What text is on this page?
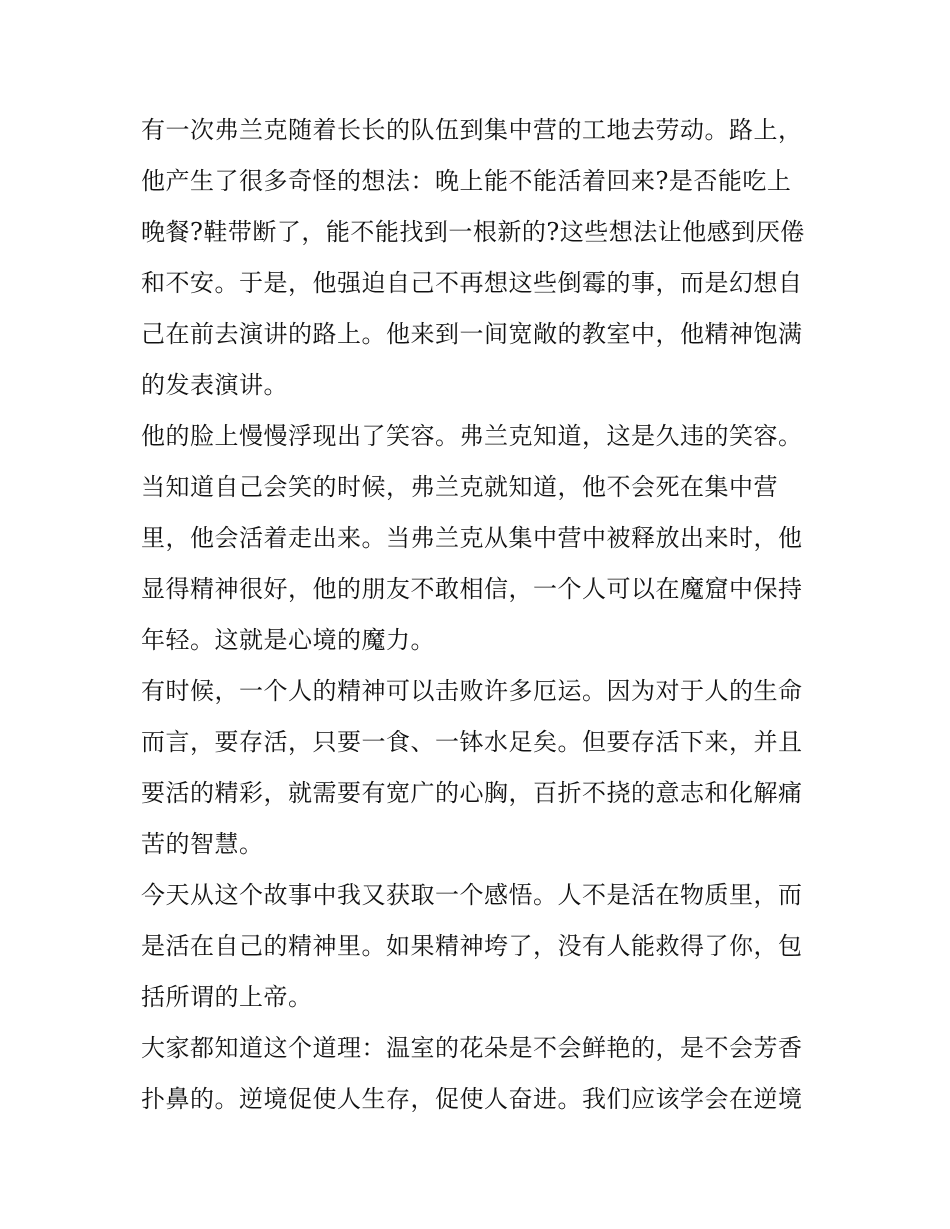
有一次弗兰克随着长长的队伍到集中营的工地去劳动。路上，
他产生了很多奇怪的想法：晚上能不能活着回来?是否能吃上
晚餐?鞋带断了，能不能找到一根新的?这些想法让他感到厌倦
和不安。于是，他强迫自己不再想这些倒霉的事，而是幻想自
己在前去演讲的路上。他来到一间宽敞的教室中，他精神饱满
的发表演讲。

他的脸上慢慢浮现出了笑容。弗兰克知道，这是久违的笑容。
当知道自己会笑的时候，弗兰克就知道，他不会死在集中营
里，他会活着走出来。当弗兰克从集中营中被释放出来时，他
显得精神很好，他的朋友不敢相信，一个人可以在魔窟中保持
年轻。这就是心境的魔力。

有时候，一个人的精神可以击败许多厄运。因为对于人的生命
而言，要存活，只要一食、一钵水足矣。但要存活下来，并且
要活的精彩，就需要有宽广的心胸，百折不挠的意志和化解痛
苦的智慧。

今天从这个故事中我又获取一个感悟。人不是活在物质里，而
是活在自己的精神里。如果精神垮了，没有人能救得了你，包
括所谓的上帝。

大家都知道这个道理：温室的花朵是不会鲜艳的，是不会芳香
扑鼻的。逆境促使人生存，促使人奋进。我们应该学会在逆境
